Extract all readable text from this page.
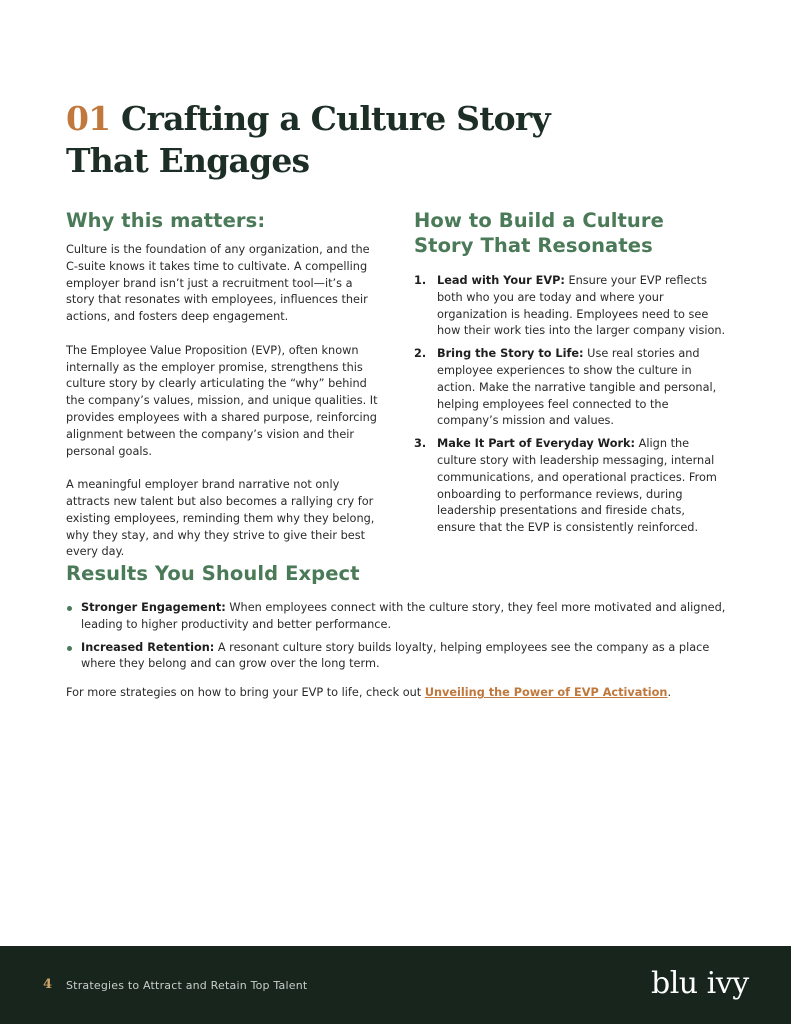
01 Crafting a Culture Story
That Engages
Why this matters:

Culture is the foundation of any organization, and the C-suite knows it takes time to cultivate. A compelling employer brand isn’t just a recruitment tool—it’s a story that resonates with employees, influences their actions, and fosters deep engagement.

The Employee Value Proposition (EVP), often known internally as the employer promise, strengthens this culture story by clearly articulating the “why” behind the company’s values, mission, and unique qualities. It provides employees with a shared purpose, reinforcing alignment between the company’s vision and their personal goals.

A meaningful employer brand narrative not only attracts new talent but also becomes a rallying cry for existing employees, reminding them why they belong, why they stay, and why they strive to give their best every day.

How to Build a Culture Story That Resonates
1. Lead with Your EVP: Ensure your EVP reflects both who you are today and where your organization is heading. Employees need to see how their work ties into the larger company vision.
2. Bring the Story to Life: Use real stories and employee experiences to show the culture in action. Make the narrative tangible and personal, helping employees feel connected to the company’s mission and values.
3. Make It Part of Everyday Work: Align the culture story with leadership messaging, internal communications, and operational practices. From onboarding to performance reviews, during leadership presentations and fireside chats, ensure that the EVP is consistently reinforced.
Results You Should Expect
Stronger Engagement: When employees connect with the culture story, they feel more motivated and aligned, leading to higher productivity and better performance.
Increased Retention: A resonant culture story builds loyalty, helping employees see the company as a place where they belong and can grow over the long term.

For more strategies on how to bring your EVP to life, check out Unveiling the Power of EVP Activation.

4 Strategies to Attract and Retain Top Talent	blu ivy
